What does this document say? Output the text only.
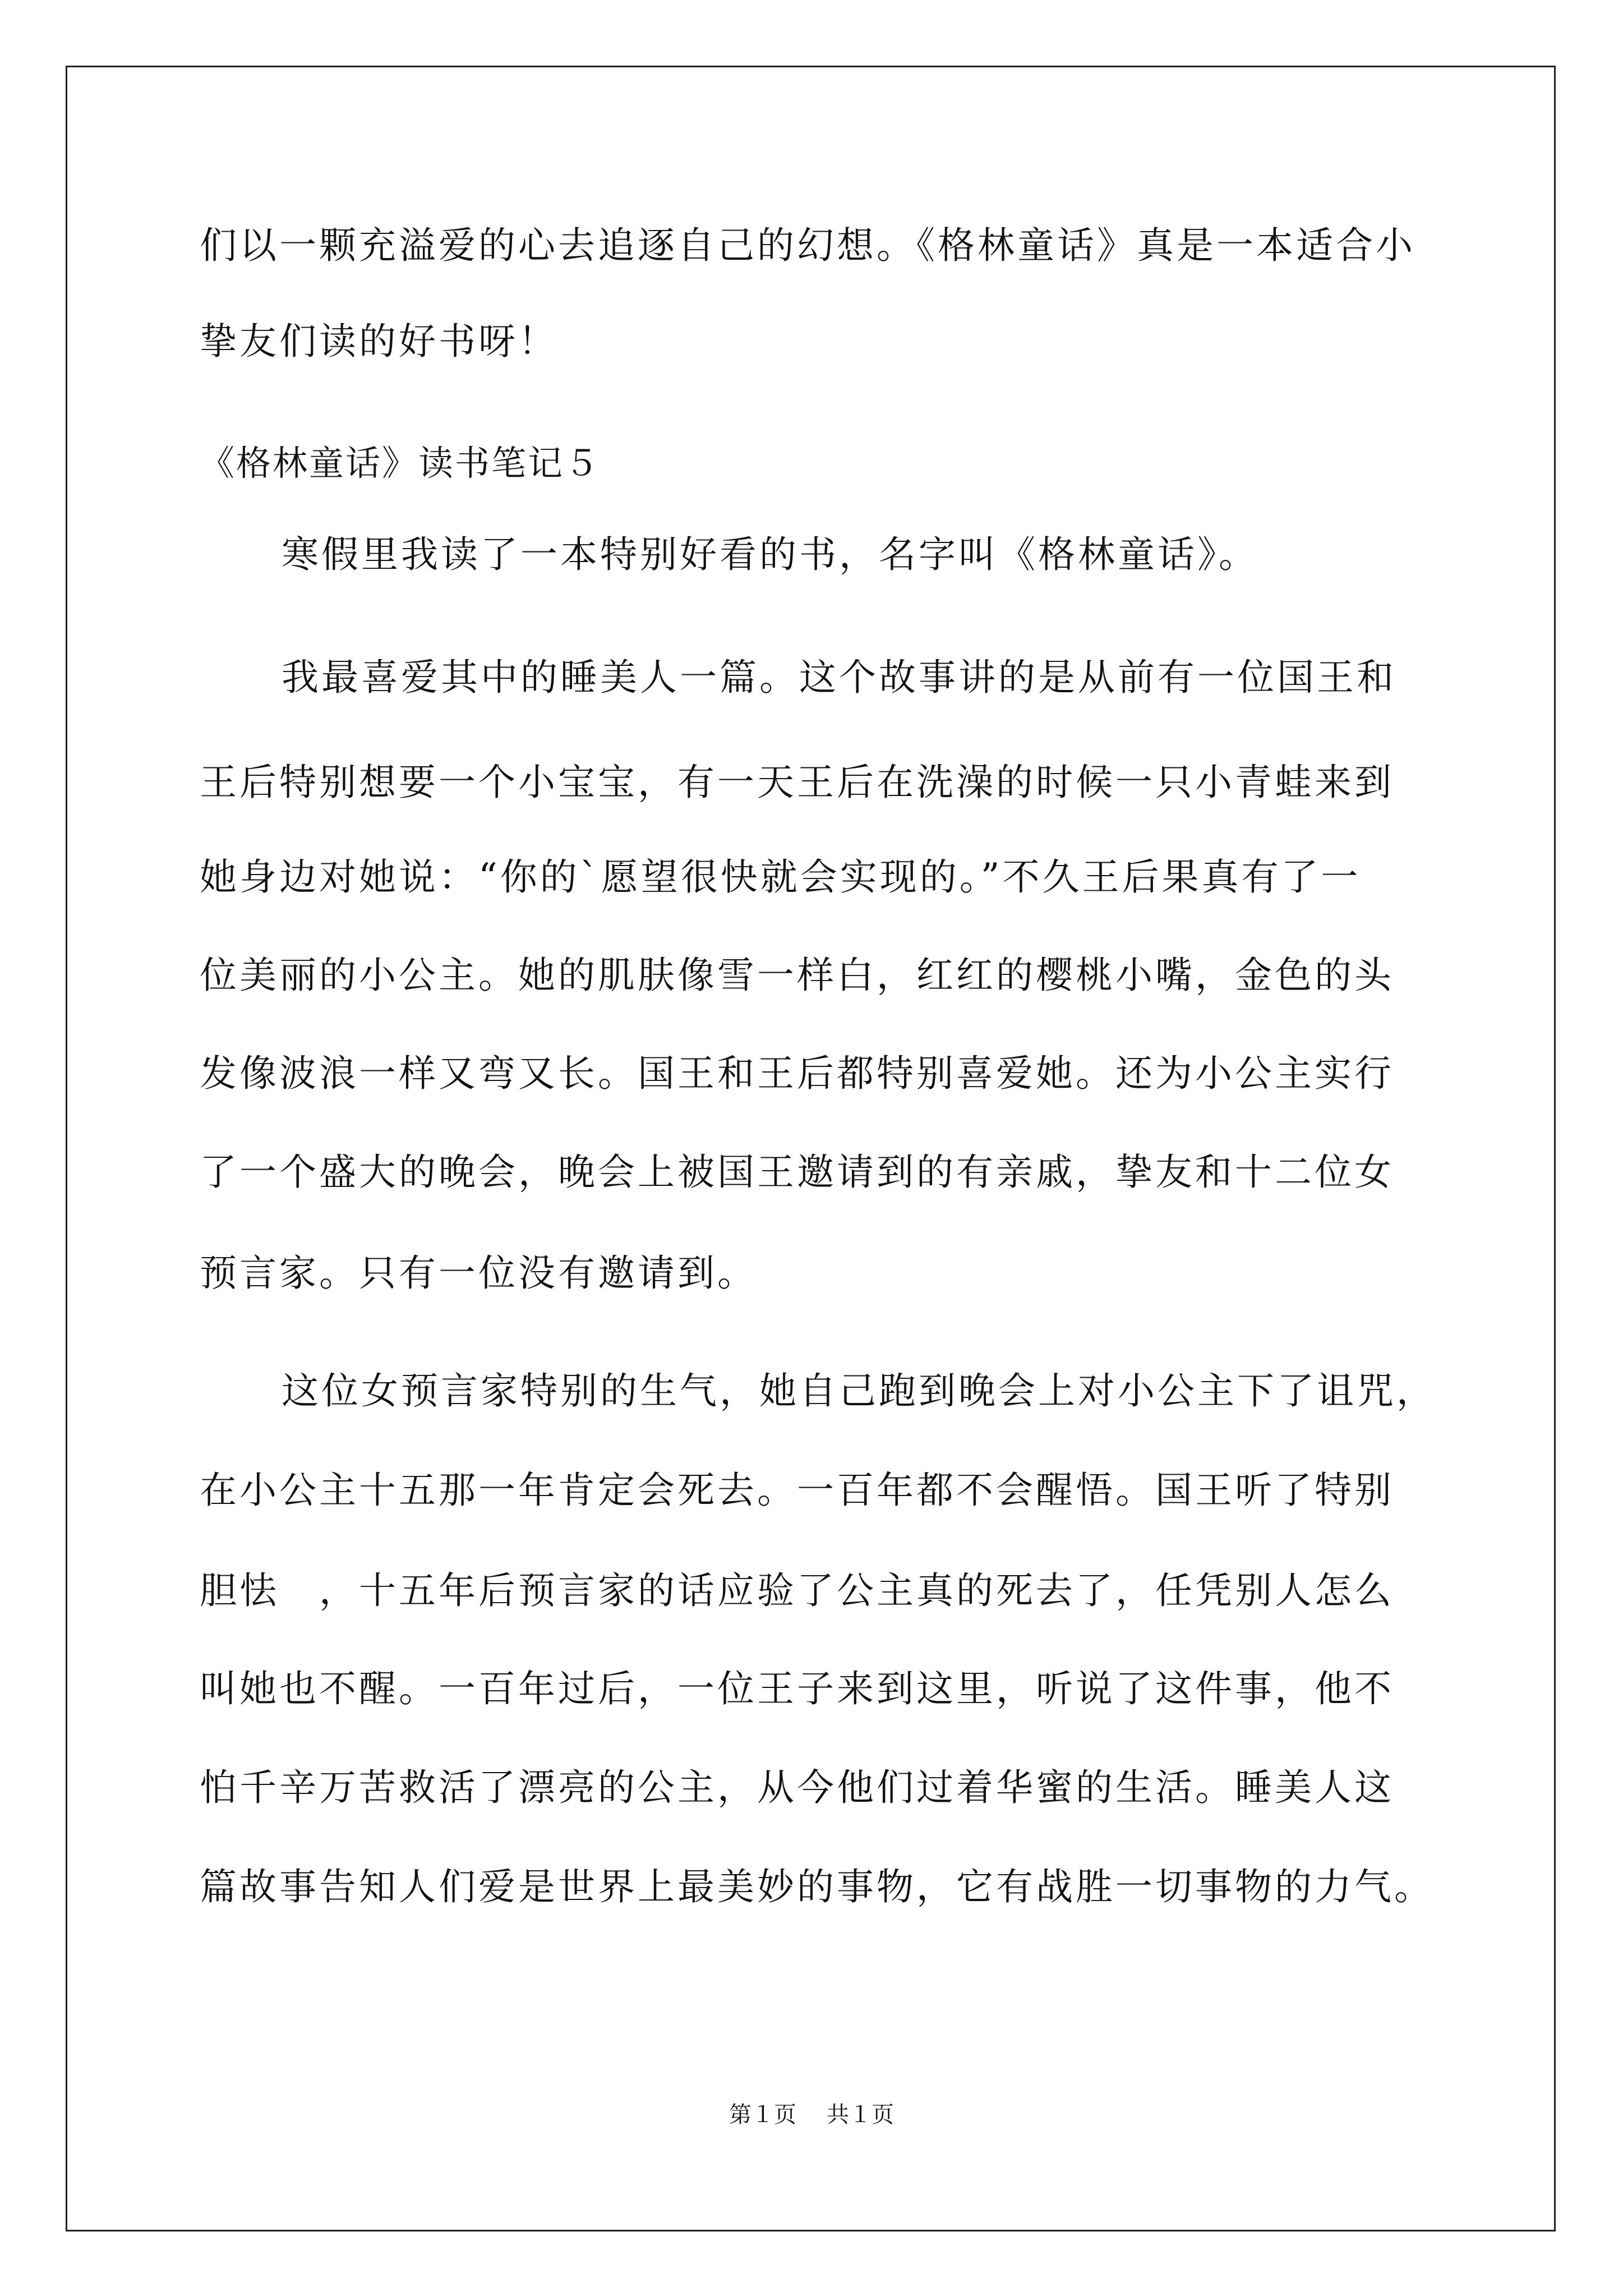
们以一颗充溢爱的心去追逐自己的幻想。《格林童话》真是一本适合小
挚友们读的好书呀！
《格林童话》读书笔记５
寒假里我读了一本特别好看的书，名字叫《格林童话》。
我最喜爱其中的睡美人一篇。这个故事讲的是从前有一位国王和
王后特别想要一个小宝宝，有一天王后在洗澡的时候一只小青蛙来到
她身边对她说：“你的`愿望很快就会实现的。”不久王后果真有了一
位美丽的小公主。她的肌肤像雪一样白，红红的樱桃小嘴，金色的头
发像波浪一样又弯又长。国王和王后都特别喜爱她。还为小公主实行
了一个盛大的晚会，晚会上被国王邀请到的有亲戚，挚友和十二位女
预言家。只有一位没有邀请到。
这位女预言家特别的生气，她自己跑到晚会上对小公主下了诅咒，
在小公主十五那一年肯定会死去。一百年都不会醒悟。国王听了特别
胆怯　，十五年后预言家的话应验了公主真的死去了，任凭别人怎么
叫她也不醒。一百年过后，一位王子来到这里，听说了这件事，他不
怕千辛万苦救活了漂亮的公主，从今他们过着华蜜的生活。睡美人这
篇故事告知人们爱是世界上最美妙的事物，它有战胜一切事物的力气。
第１页 共１页
